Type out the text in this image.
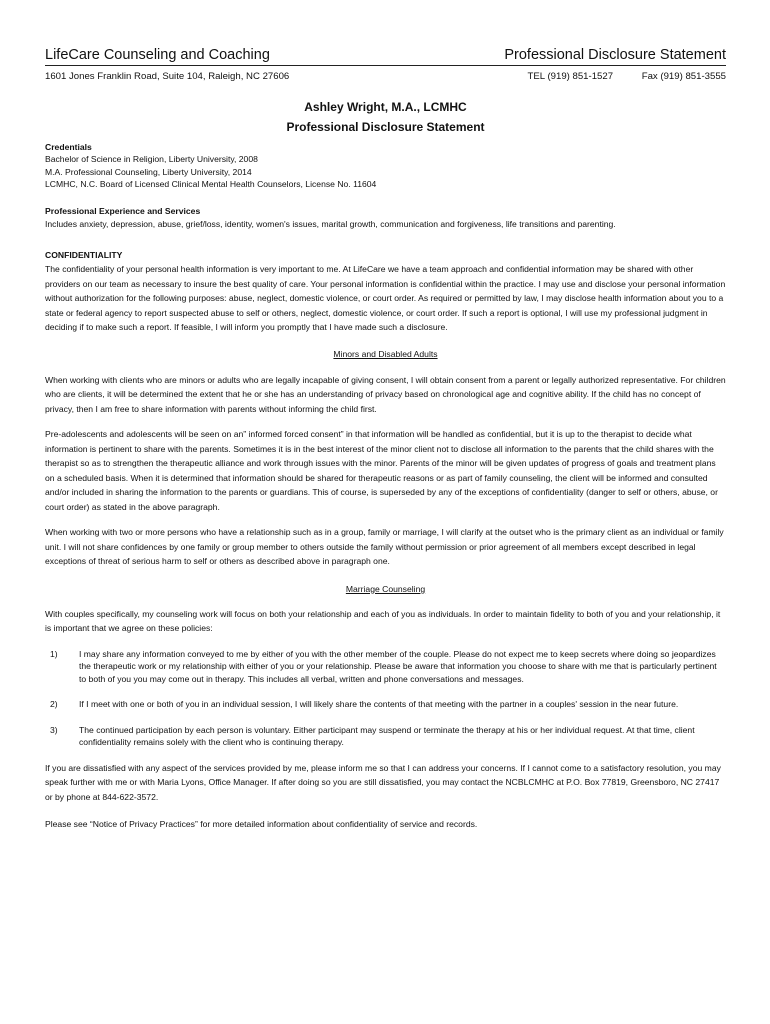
LifeCare Counseling and Coaching	Professional Disclosure Statement
1601 Jones Franklin Road, Suite 104, Raleigh, NC 27606	TEL (919) 851-1527	Fax (919) 851-3555
Ashley Wright, M.A., LCMHC
Professional Disclosure Statement
Credentials
Bachelor of Science in Religion, Liberty University, 2008
M.A. Professional Counseling, Liberty University, 2014
LCMHC, N.C. Board of Licensed Clinical Mental Health Counselors, License No. 11604
Professional Experience and Services
Includes anxiety, depression, abuse, grief/loss, identity, women's issues, marital growth, communication and forgiveness, life transitions and parenting.
CONFIDENTIALITY

The confidentiality of your personal health information is very important to me. At LifeCare we have a team approach and confidential information may be shared with other providers on our team as necessary to insure the best quality of care. Your personal information is confidential within the practice. I may use and disclose your personal information without authorization for the following purposes: abuse, neglect, domestic violence, or court order. As required or permitted by law, I may disclose health information about you to a state or federal agency to report suspected abuse to self or others, neglect, domestic violence, or court order. If such a report is optional, I will use my professional judgment in deciding if to make such a report. If feasible, I will inform you promptly that I have made such a disclosure.

Minors and Disabled Adults

When working with clients who are minors or adults who are legally incapable of giving consent, I will obtain consent from a parent or legally authorized representative. For children who are clients, it will be determined the extent that he or she has an understanding of privacy based on chronological age and cognitive ability. If the child has no concept of privacy, then I am free to share information with parents without informing the child first.

Pre-adolescents and adolescents will be seen on an” informed forced consent” in that information will be handled as confidential, but it is up to the therapist to decide what information is pertinent to share with the parents. Sometimes it is in the best interest of the minor client not to disclose all information to the parents that the child shares with the therapist so as to strengthen the therapeutic alliance and work through issues with the minor. Parents of the minor will be given updates of progress of goals and treatment plans on a scheduled basis. When it is determined that information should be shared for therapeutic reasons or as part of family counseling, the client will be informed and consulted and/or included in sharing the information to the parents or guardians. This of course, is superseded by any of the exceptions of confidentiality (danger to self or others, abuse, or court order) as stated in the above paragraph.

When working with two or more persons who have a relationship such as in a group, family or marriage, I will clarify at the outset who is the primary client as an individual or family unit. I will not share confidences by one family or group member to others outside the family without permission or prior agreement of all members except described in legal exceptions of threat of serious harm to self or others as described above in paragraph one.

Marriage Counseling

With couples specifically, my counseling work will focus on both your relationship and each of you as individuals. In order to maintain fidelity to both of you and your relationship, it is important that we agree on these policies:

1)	I may share any information conveyed to me by either of you with the other member of the couple. Please do not expect me to keep secrets where doing so jeopardizes the therapeutic work or my relationship with either of you or your relationship. Please be aware that information you choose to share with me that is particularly pertinent to both of you you may come out in therapy. This includes all verbal, written and phone conversations and messages.
2)	If I meet with one or both of you in an individual session, I will likely share the contents of that meeting with the partner in a couples' session in the near future.
3)	The continued participation by each person is voluntary. Either participant may suspend or terminate the therapy at his or her individual request. At that time, client confidentiality remains solely with the client who is continuing therapy.

If you are dissatisfied with any aspect of the services provided by me, please inform me so that I can address your concerns. If I cannot come to a satisfactory resolution, you may speak further with me or with Maria Lyons, Office Manager. If after doing so you are still dissatisfied, you may contact the NCBLCMHC at P.O. Box 77819, Greensboro, NC 27417 or by phone at 844-622-3572.

Please see “Notice of Privacy Practices” for more detailed information about confidentiality of service and records.
